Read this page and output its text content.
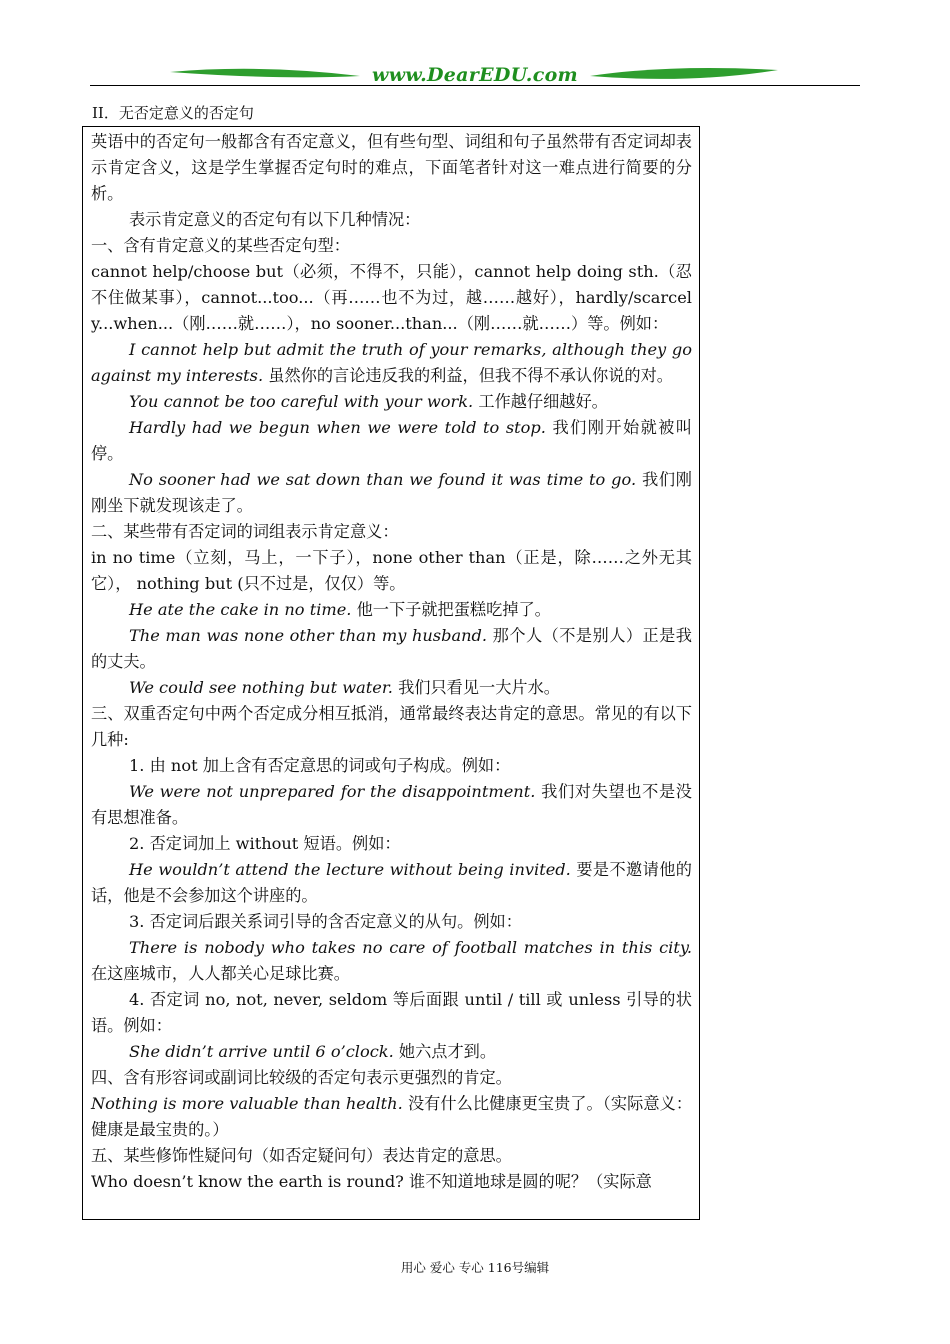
www.DearEDU.com
II．无否定意义的否定句

英语中的否定句一般都含有否定意义，但有些句型、词组和句子虽然带有否定词却表示肯定含义，这是学生掌握否定句时的难点，下面笔者针对这一难点进行简要的分析。

表示肯定意义的否定句有以下几种情况：

一、含有肯定意义的某些否定句型：

cannot help/choose but（必须，不得不，只能），cannot help doing sth.（忍不住做某事），cannot...too...（再……也不为过，越……越好），hardly/scarcely...when...（刚……就……），no sooner...than...（刚……就……）等。例如：

I cannot help but admit the truth of your remarks, although they go against my interests. 虽然你的言论违反我的利益，但我不得不承认你说的对。

You cannot be too careful with your work. 工作越仔细越好。

Hardly had we begun when we were told to stop. 我们刚开始就被叫停。

No sooner had we sat down than we found it was time to go. 我们刚刚坐下就发现该走了。

二、某些带有否定词的词组表示肯定意义：

in no time（立刻，马上，一下子），none other than（正是，除……之外无其它）， nothing but (只不过是，仅仅）等。

He ate the cake in no time. 他一下子就把蛋糕吃掉了。

The man was none other than my husband. 那个人（不是别人）正是我的丈夫。

We could see nothing but water. 我们只看见一大片水。

三、双重否定句中两个否定成分相互抵消，通常最终表达肯定的意思。常见的有以下几种:

1. 由 not 加上含有否定意思的词或句子构成。例如：

We were not unprepared for the disappointment. 我们对失望也不是没有思想准备。

2. 否定词加上 without 短语。例如：

He wouldn’t attend the lecture without being invited. 要是不邀请他的话，他是不会参加这个讲座的。

3. 否定词后跟关系词引导的含否定意义的从句。例如：

There is nobody who takes no care of football matches in this city. 在这座城市，人人都关心足球比赛。

4. 否定词 no, not, never, seldom 等后面跟 until / till 或 unless 引导的状语。例如：

She didn’t arrive until 6 o’clock. 她六点才到。

四、含有形容词或副词比较级的否定句表示更强烈的肯定。

Nothing is more valuable than health. 没有什么比健康更宝贵了。（实际意义：健康是最宝贵的。）

五、某些修饰性疑问句（如否定疑问句）表达肯定的意思。

Who doesn’t know the earth is round? 谁不知道地球是圆的呢？（实际意

用心 爱心 专心 116号编辑
